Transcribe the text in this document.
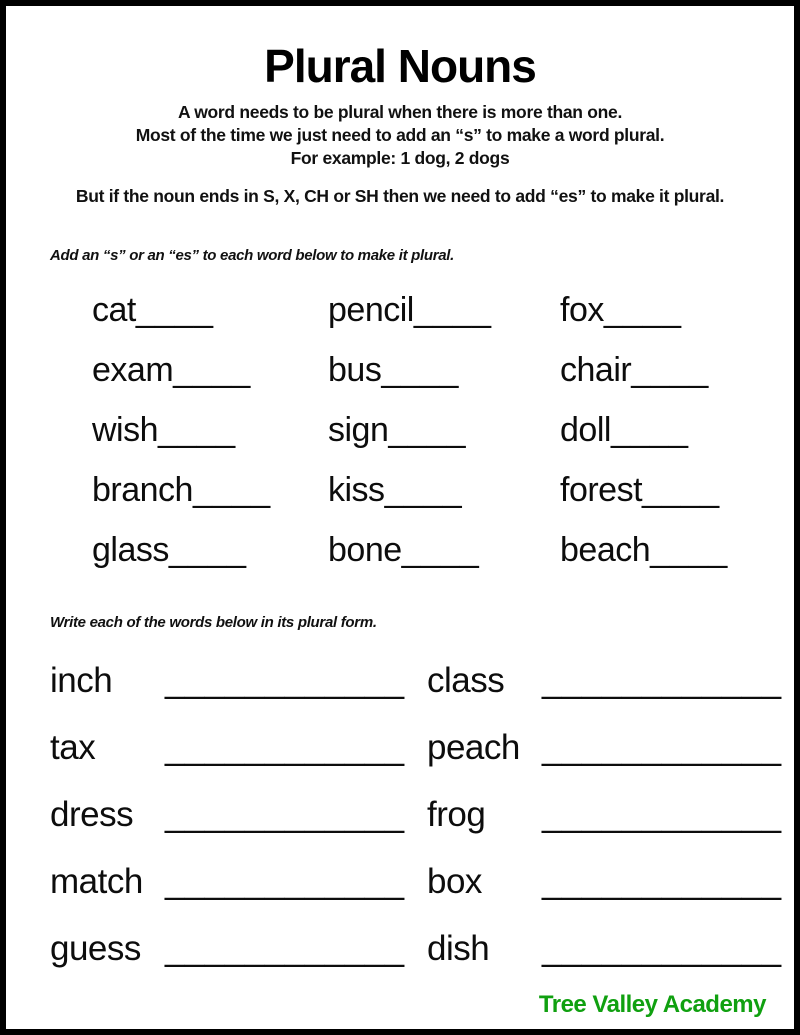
Plural Nouns
A word needs to be plural when there is more than one.
Most of the time we just need to add an “s” to make a word plural.
For example: 1 dog, 2 dogs
But if the noun ends in S, X, CH or SH then we need to add “es” to make it plural.
Add an “s” or an “es” to each word below to make it plural.
cat____	pencil____	fox____
exam____	bus____	chair____
wish____	sign____	doll____
branch____	kiss____	forest____
glass____	bone____	beach____
Write each of the words below in its plural form.
inch	____________ class	____________
tax	____________ peach ____________
dress ____________ frog	____________
match ____________ box	____________
guess ____________ dish	____________
Tree Valley Academy
